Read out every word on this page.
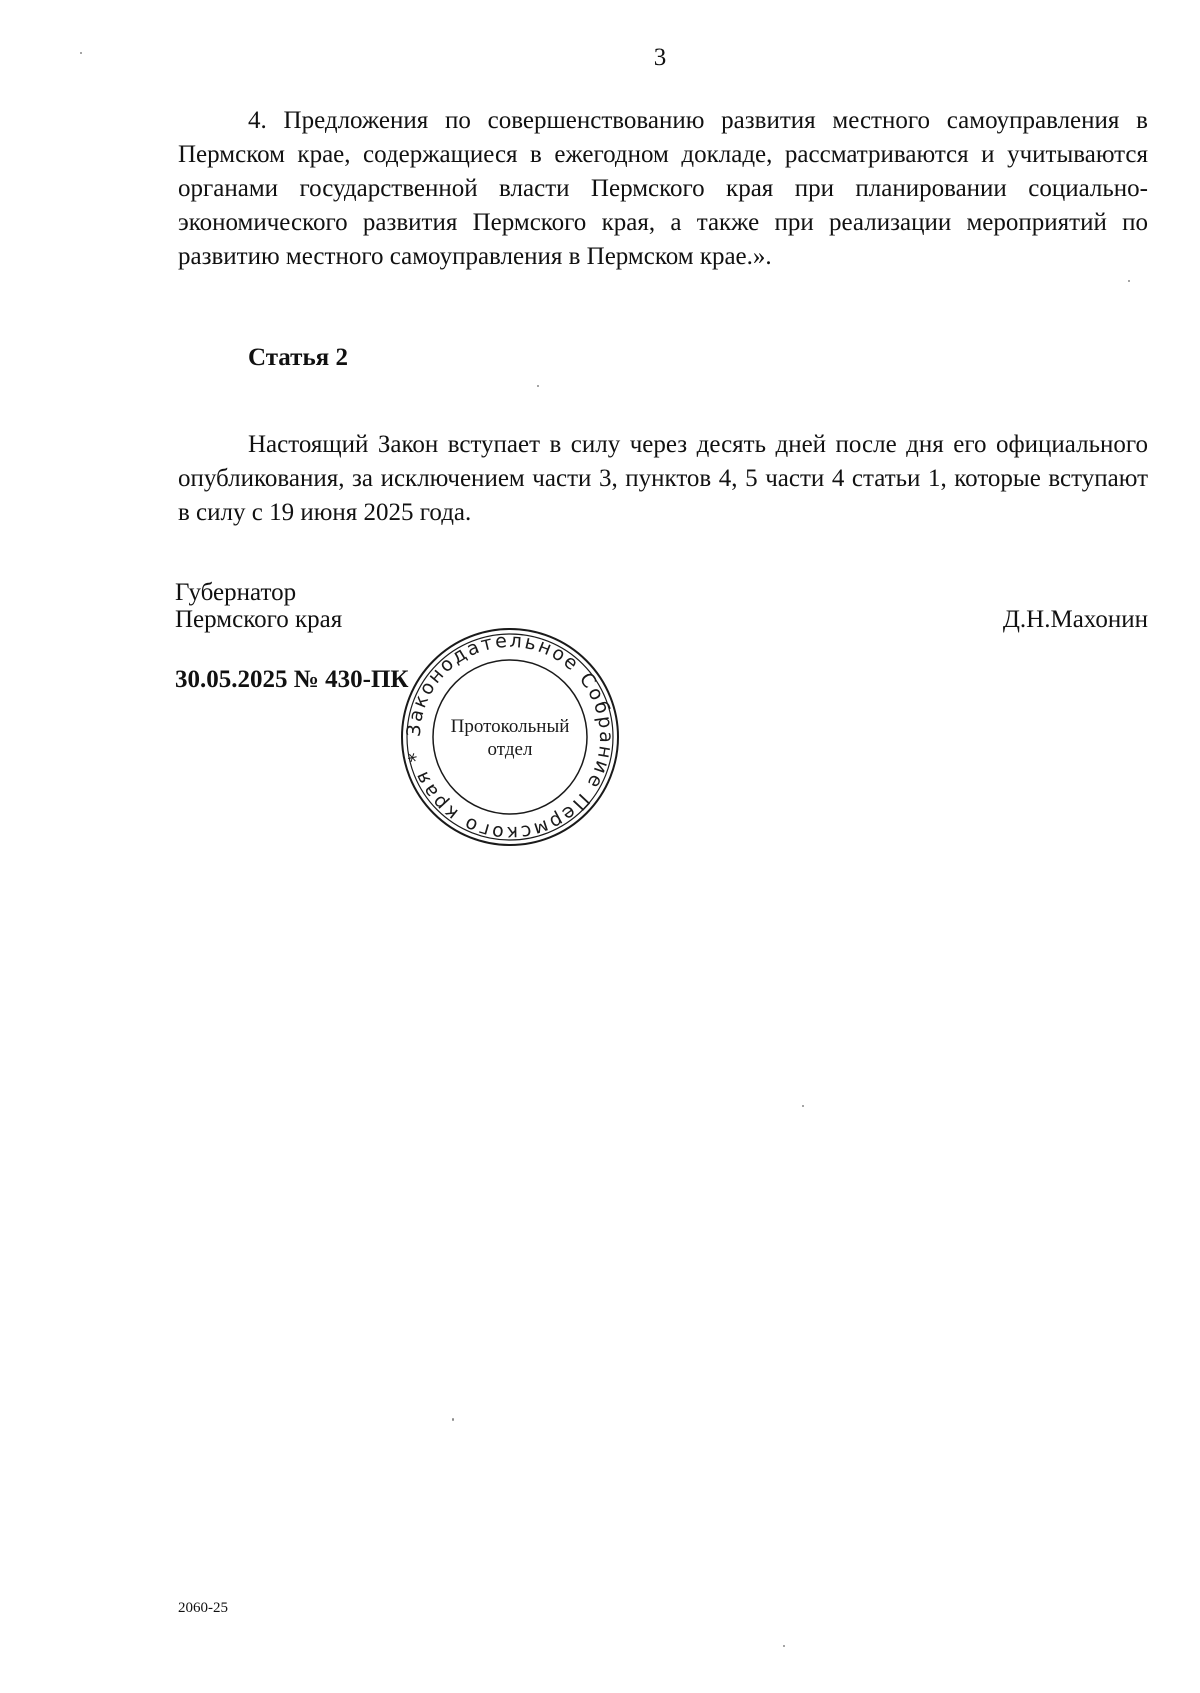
3

4. Предложения по совершенствованию развития местного самоуправления в Пермском крае, содержащиеся в ежегодном докладе, рассматриваются и учитываются органами государственной власти Пермского края при планировании социально-экономического развития Пермского края, а также при реализации мероприятий по развитию местного самоуправления в Пермском крае.».

Статья 2

Настоящий Закон вступает в силу через десять дней после дня его официального опубликования, за исключением части 3, пунктов 4, 5 части 4 статьи 1, которые вступают в силу с 19 июня 2025 года.

Губернатор
Пермского края	Д.Н.Махонин
30.05.2025 № 430-ПК
Законодательное Собрание Пермского края *
Протокольный
отдел
2060-25
